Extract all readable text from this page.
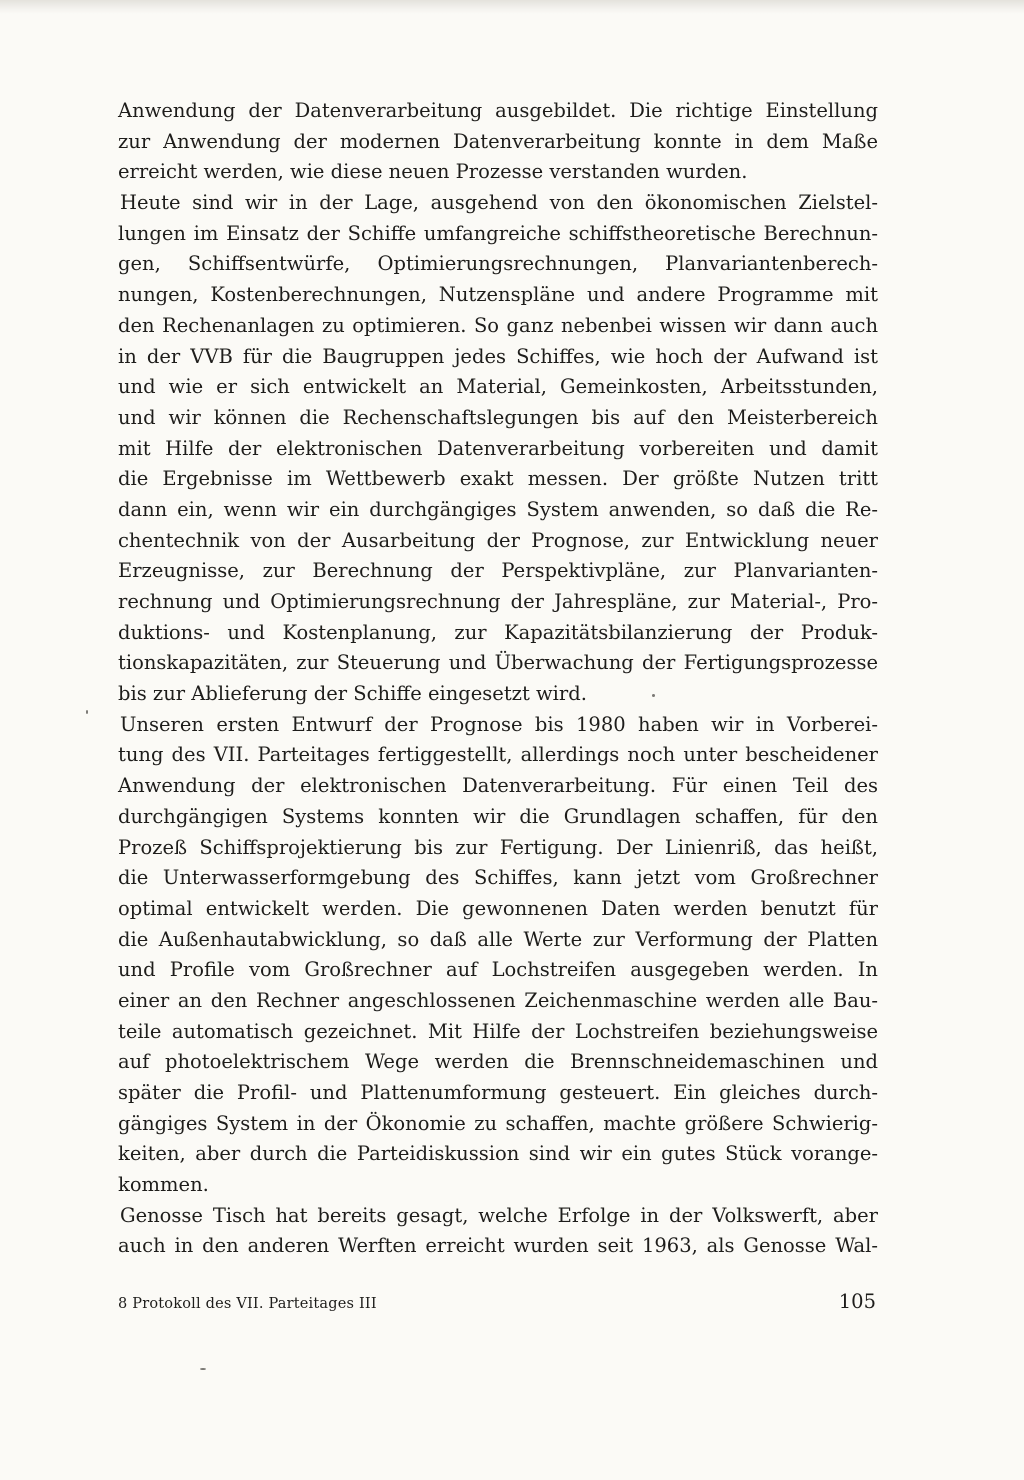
Anwendung der Datenverarbeitung ausgebildet. Die richtige Einstellung
zur Anwendung der modernen Datenverarbeitung konnte in dem Maße
erreicht werden, wie diese neuen Prozesse verstanden wurden.
Heute sind wir in der Lage, ausgehend von den ökonomischen Zielstel-
lungen im Einsatz der Schiffe umfangreiche schiffstheoretische Berechnun-
gen, Schiffsentwürfe, Optimierungsrechnungen, Planvariantenberech-
nungen, Kostenberechnungen, Nutzenspläne und andere Programme mit
den Rechenanlagen zu optimieren. So ganz nebenbei wissen wir dann auch
in der VVB für die Baugruppen jedes Schiffes, wie hoch der Aufwand ist
und wie er sich entwickelt an Material, Gemeinkosten, Arbeitsstunden,
und wir können die Rechenschaftslegungen bis auf den Meisterbereich
mit Hilfe der elektronischen Datenverarbeitung vorbereiten und damit
die Ergebnisse im Wettbewerb exakt messen. Der größte Nutzen tritt
dann ein, wenn wir ein durchgängiges System anwenden, so daß die Re-
chentechnik von der Ausarbeitung der Prognose, zur Entwicklung neuer
Erzeugnisse, zur Berechnung der Perspektivpläne, zur Planvarianten-
rechnung und Optimierungsrechnung der Jahrespläne, zur Material-, Pro-
duktions- und Kostenplanung, zur Kapazitätsbilanzierung der Produk-
tionskapazitäten, zur Steuerung und Überwachung der Fertigungsprozesse
bis zur Ablieferung der Schiffe eingesetzt wird.
Unseren ersten Entwurf der Prognose bis 1980 haben wir in Vorberei-
tung des VII. Parteitages fertiggestellt, allerdings noch unter bescheidener
Anwendung der elektronischen Datenverarbeitung. Für einen Teil des
durchgängigen Systems konnten wir die Grundlagen schaffen, für den
Prozeß Schiffsprojektierung bis zur Fertigung. Der Linienriß, das heißt,
die Unterwasserformgebung des Schiffes, kann jetzt vom Großrechner
optimal entwickelt werden. Die gewonnenen Daten werden benutzt für
die Außenhautabwicklung, so daß alle Werte zur Verformung der Platten
und Profile vom Großrechner auf Lochstreifen ausgegeben werden. In
einer an den Rechner angeschlossenen Zeichenmaschine werden alle Bau-
teile automatisch gezeichnet. Mit Hilfe der Lochstreifen beziehungsweise
auf photoelektrischem Wege werden die Brennschneidemaschinen und
später die Profil- und Plattenumformung gesteuert. Ein gleiches durch-
gängiges System in der Ökonomie zu schaffen, machte größere Schwierig-
keiten, aber durch die Parteidiskussion sind wir ein gutes Stück vorange-
kommen.
Genosse Tisch hat bereits gesagt, welche Erfolge in der Volkswerft, aber
auch in den anderen Werften erreicht wurden seit 1963, als Genosse Wal-
8 Protokoll des VII. Parteitages III	105
